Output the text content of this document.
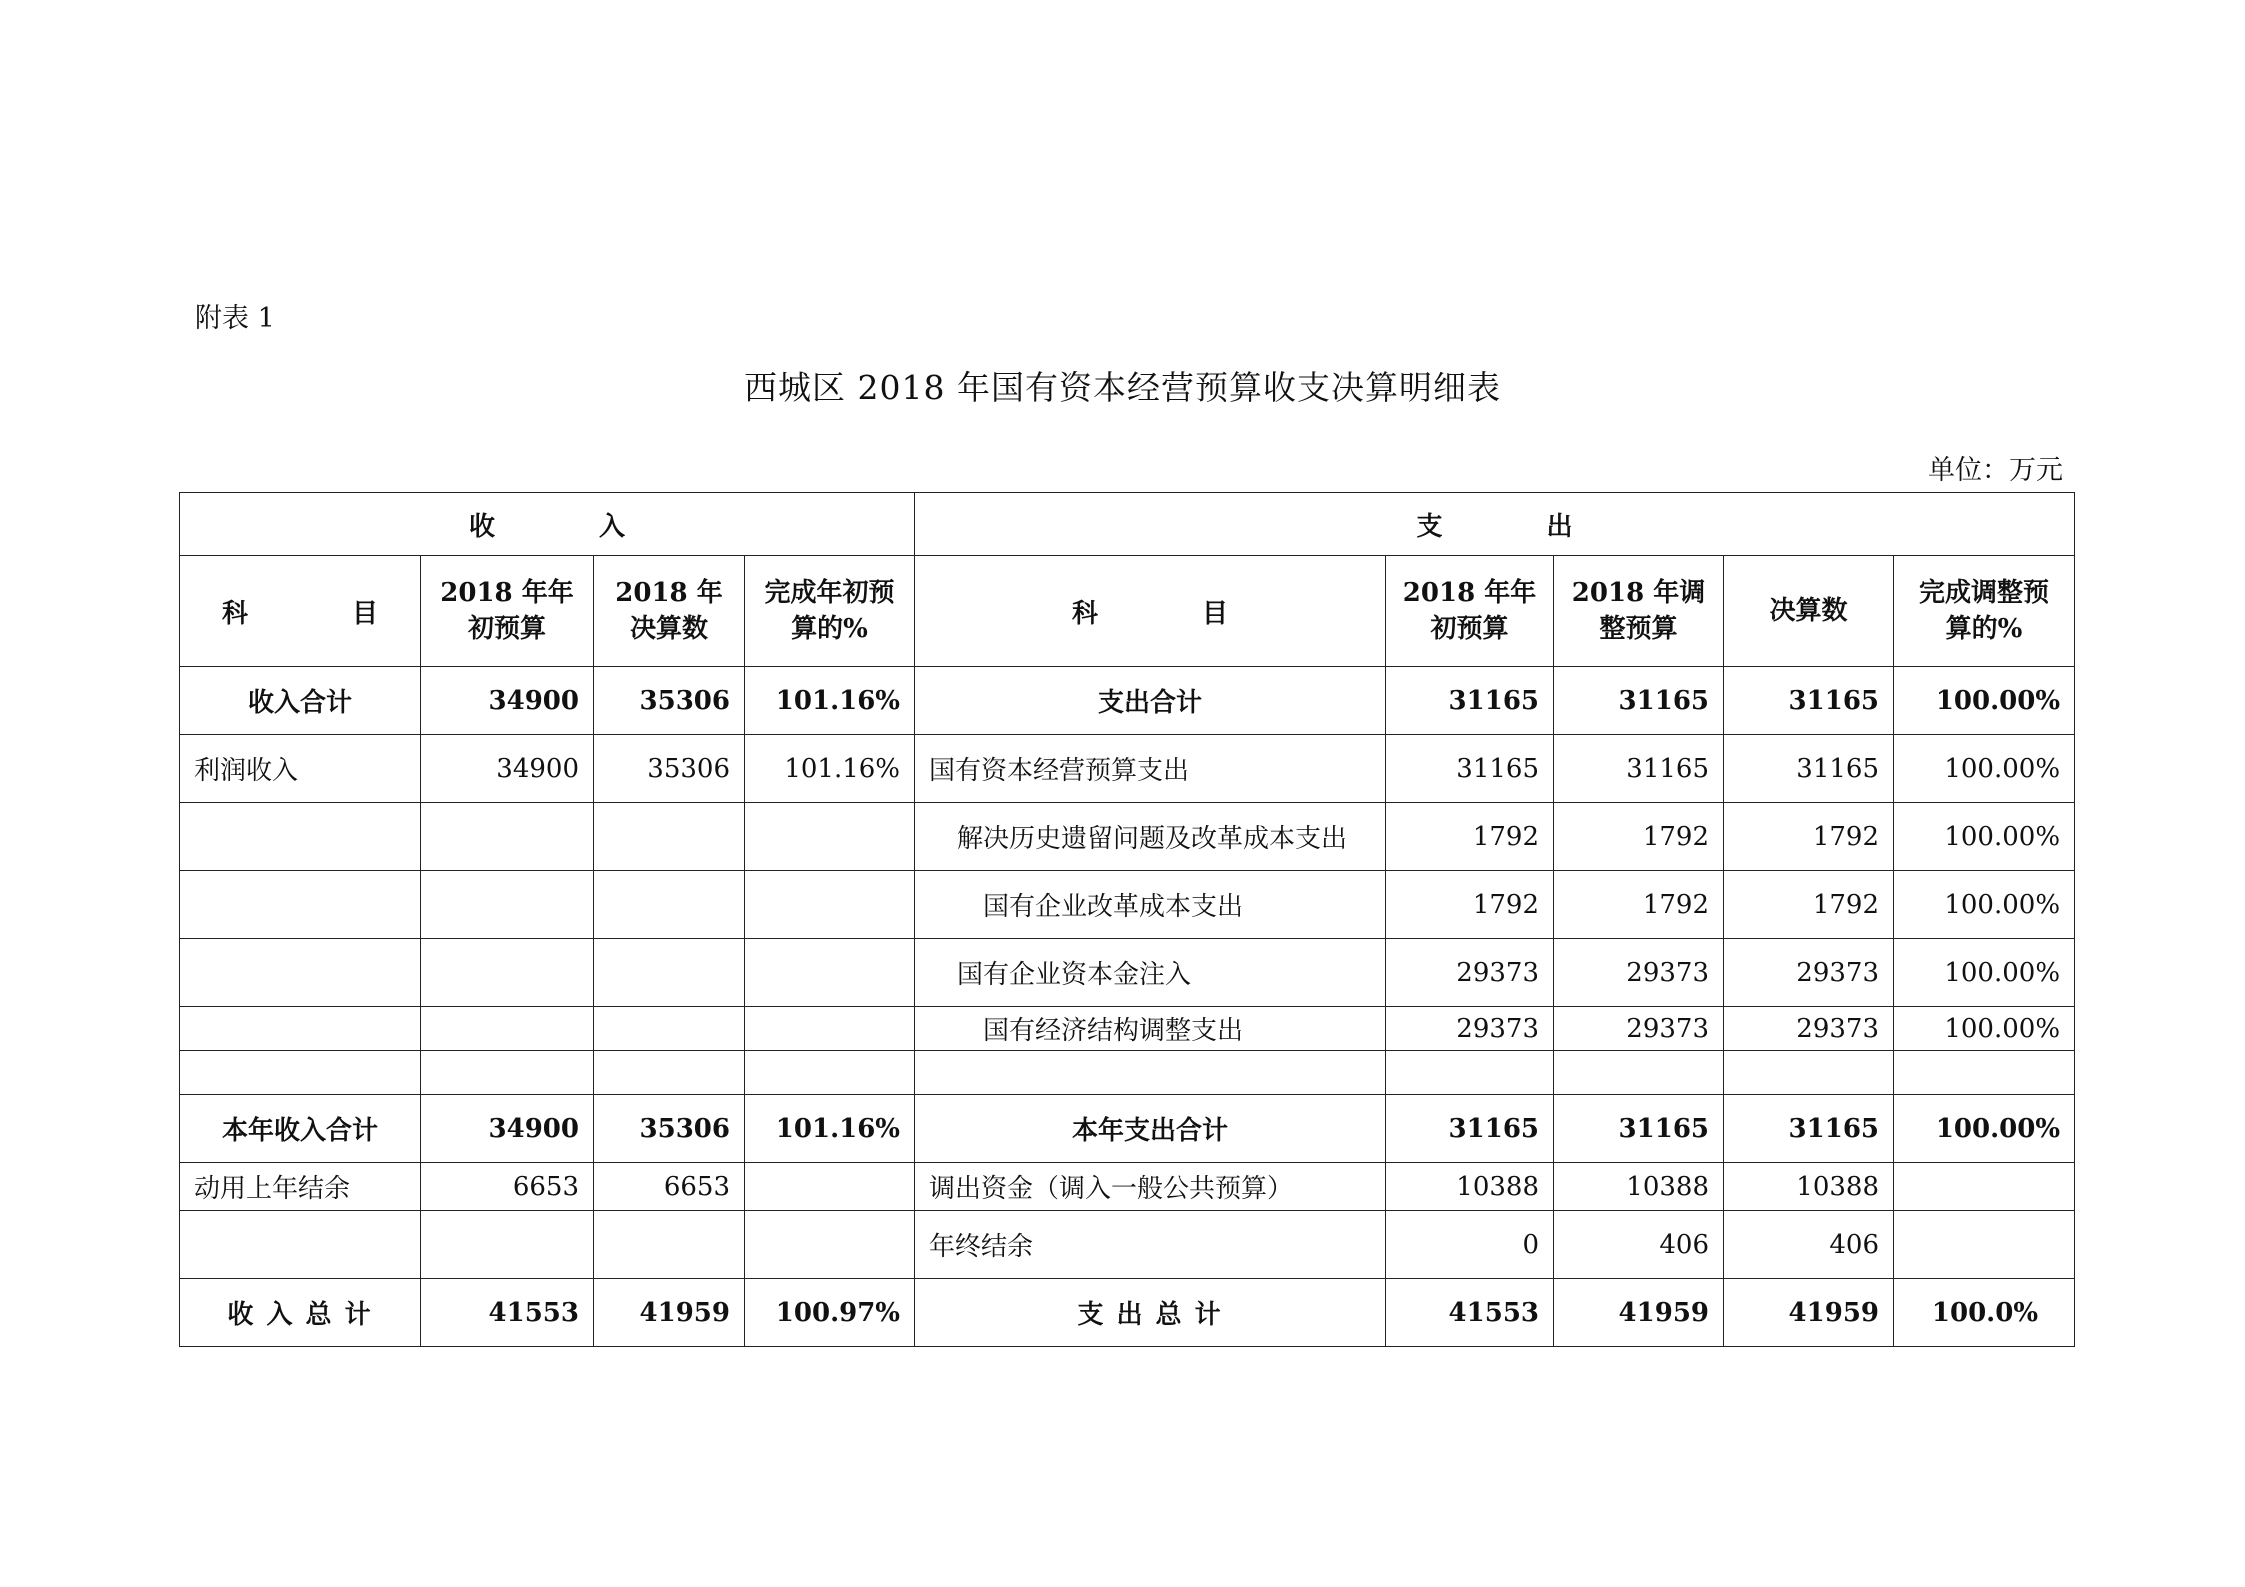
附表 1
西城区 2018 年国有资本经营预算收支决算明细表
单位：万元
收　　　　入				支　　　　出				
科　　　　目	2018 年年初预算	2018 年决算数	完成年初预算的%	科　　　　目	2018 年年初预算	2018 年调整预算	决算数	完成调整预算的%
收入合计	34900	35306	101.16%	支出合计	31165	31165	31165	100.00%
利润收入	34900	35306	101.16%	国有资本经营预算支出	31165	31165	31165	100.00%
				解决历史遗留问题及改革成本支出	1792	1792	1792	100.00%
				国有企业改革成本支出	1792	1792	1792	100.00%
				国有企业资本金注入	29373	29373	29373	100.00%
				国有经济结构调整支出	29373	29373	29373	100.00%

本年收入合计	34900	35306	101.16%	本年支出合计	31165	31165	31165	100.00%
动用上年结余	6653	6653		调出资金（调入一般公共预算）	10388	10388	10388	
				年终结余	0	406	406	
收 入 总 计	41553	41959	100.97%	支 出 总 计	41553	41959	41959	100.0%
